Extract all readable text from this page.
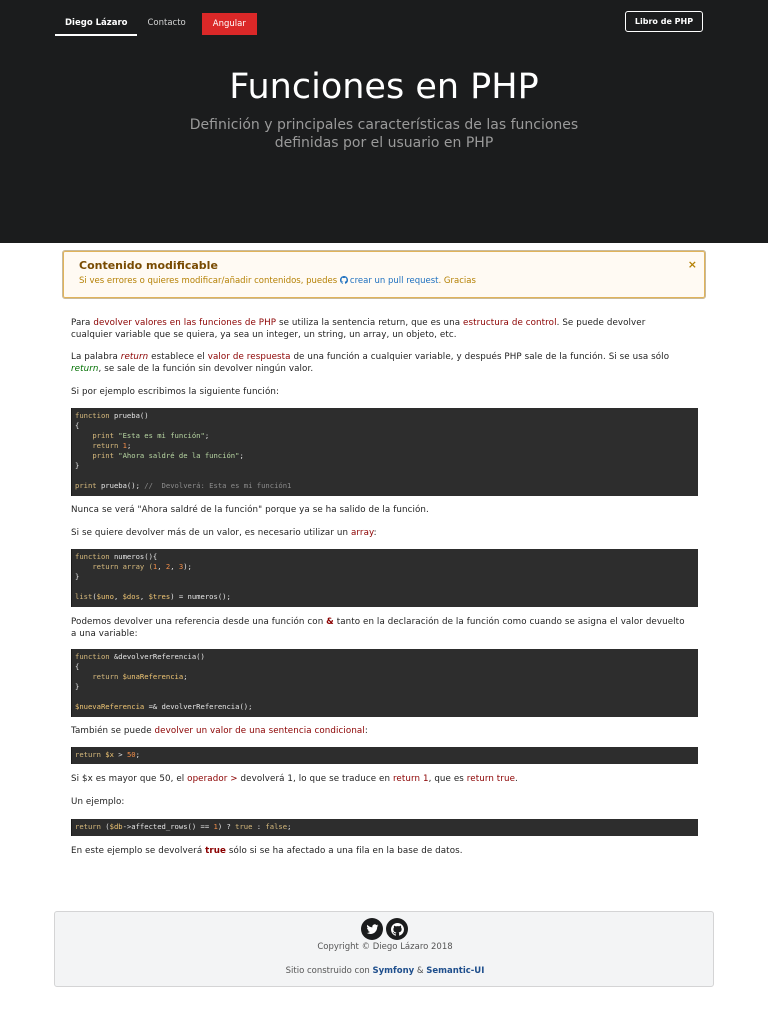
Diego Lázaro	Contacto	Angular	Libro de PHP
Funciones en PHP
Definición y principales características de las funciones definidas por el usuario en PHP
Contenido modificable
Si ves errores o quieres modificar/añadir contenidos, puedes crear un pull request. Gracias
×
Para devolver valores en las funciones de PHP se utiliza la sentencia return, que es una estructura de control. Se puede devolver
cualquier variable que se quiera, ya sea un integer, un string, un array, un objeto, etc.
La palabra return establece el valor de respuesta de una función a cualquier variable, y después PHP sale de la función. Si se usa sólo
return, se sale de la función sin devolver ningún valor.
Si por ejemplo escribimos la siguiente función:
function prueba()
{
print "Esta es mi función";
return 1;
print "Ahora saldré de la función";
}

print prueba(); //  Devolverá: Esta es mi función1
Nunca se verá "Ahora saldré de la función" porque ya se ha salido de la función.
Si se quiere devolver más de un valor, es necesario utilizar un array:
function numeros(){
return array (1, 2, 3);
}

list($uno, $dos, $tres) = numeros();
Podemos devolver una referencia desde una función con & tanto en la declaración de la función como cuando se asigna el valor devuelto
a una variable:
function &devolverReferencia()
{
return $unaReferencia;
}

$nuevaReferencia =& devolverReferencia();
También se puede devolver un valor de una sentencia condicional:
return $x > 50;
Si $x es mayor que 50, el operador > devolverá 1, lo que se traduce en return 1, que es return true.
Un ejemplo:
return ($db->affected_rows() == 1) ? true : false;
En este ejemplo se devolverá true sólo si se ha afectado a una fila en la base de datos.
Copyright © Diego Lázaro 2018
Sitio construido con Symfony & Semantic-UI
